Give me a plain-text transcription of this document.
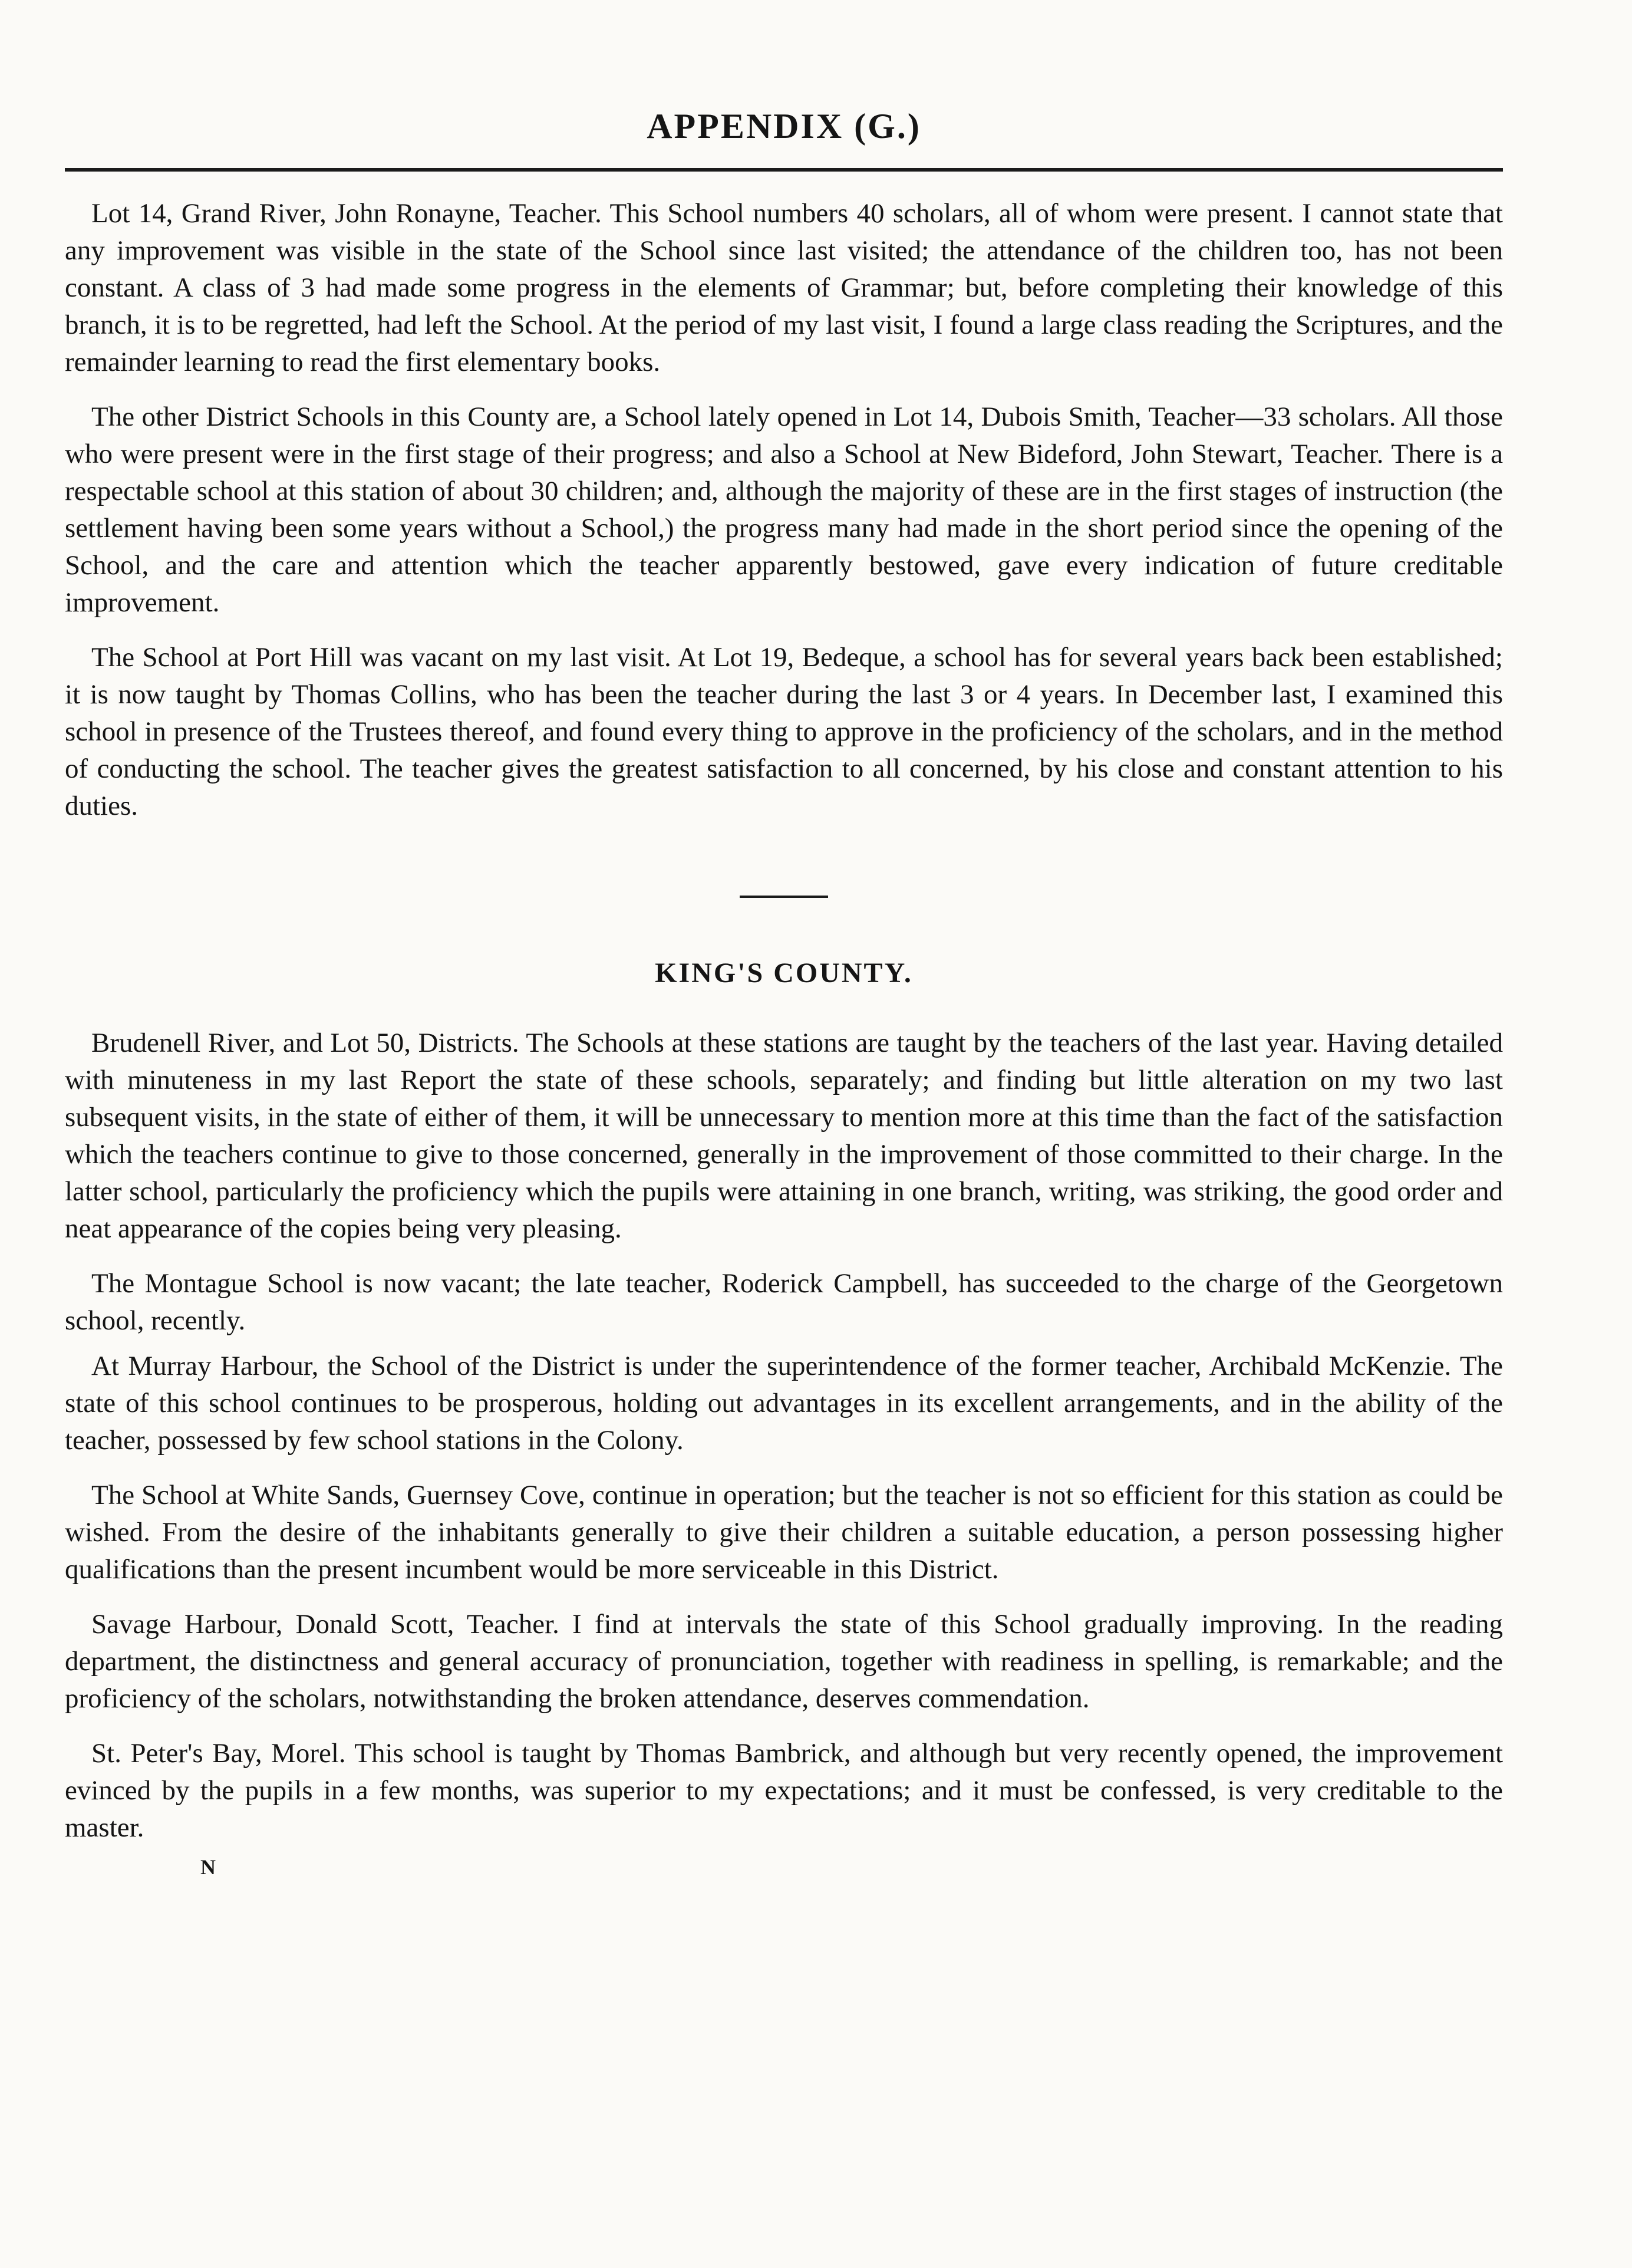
APPENDIX (G.)

Lot 14, Grand River, John Ronayne, Teacher. This School numbers 40 scholars, all of whom were present. I cannot state that any improvement was visible in the state of the School since last visited; the attendance of the children too, has not been constant. A class of 3 had made some progress in the elements of Grammar; but, before completing their knowledge of this branch, it is to be regretted, had left the School. At the period of my last visit, I found a large class reading the Scriptures, and the remainder learning to read the first elementary books.

The other District Schools in this County are, a School lately opened in Lot 14, Dubois Smith, Teacher—33 scholars. All those who were present were in the first stage of their progress; and also a School at New Bideford, John Stewart, Teacher. There is a respectable school at this station of about 30 children; and, although the majority of these are in the first stages of instruction (the settlement having been some years without a School,) the progress many had made in the short period since the opening of the School, and the care and attention which the teacher apparently bestowed, gave every indication of future creditable improvement.

The School at Port Hill was vacant on my last visit. At Lot 19, Bedeque, a school has for several years back been established; it is now taught by Thomas Collins, who has been the teacher during the last 3 or 4 years. In December last, I examined this school in presence of the Trustees thereof, and found every thing to approve in the proficiency of the scholars, and in the method of conducting the school. The teacher gives the greatest satisfaction to all concerned, by his close and constant attention to his duties.

KING'S COUNTY.

Brudenell River, and Lot 50, Districts. The Schools at these stations are taught by the teachers of the last year. Having detailed with minuteness in my last Report the state of these schools, separately; and finding but little alteration on my two last subsequent visits, in the state of either of them, it will be unnecessary to mention more at this time than the fact of the satisfaction which the teachers continue to give to those concerned, generally in the improvement of those committed to their charge. In the latter school, particularly the proficiency which the pupils were attaining in one branch, writing, was striking, the good order and neat appearance of the copies being very pleasing.

The Montague School is now vacant; the late teacher, Roderick Campbell, has succeeded to the charge of the Georgetown school, recently.

At Murray Harbour, the School of the District is under the superintendence of the former teacher, Archibald McKenzie. The state of this school continues to be prosperous, holding out advantages in its excellent arrangements, and in the ability of the teacher, possessed by few school stations in the Colony.

The School at White Sands, Guernsey Cove, continue in operation; but the teacher is not so efficient for this station as could be wished. From the desire of the inhabitants generally to give their children a suitable education, a person possessing higher qualifications than the present incumbent would be more serviceable in this District.

Savage Harbour, Donald Scott, Teacher. I find at intervals the state of this School gradually improving. In the reading department, the distinctness and general accuracy of pronunciation, together with readiness in spelling, is remarkable; and the proficiency of the scholars, notwithstanding the broken attendance, deserves commendation.

St. Peter's Bay, Morel. This school is taught by Thomas Bambrick, and although but very recently opened, the improvement evinced by the pupils in a few months, was superior to my expectations; and it must be confessed, is very creditable to the master.

N
